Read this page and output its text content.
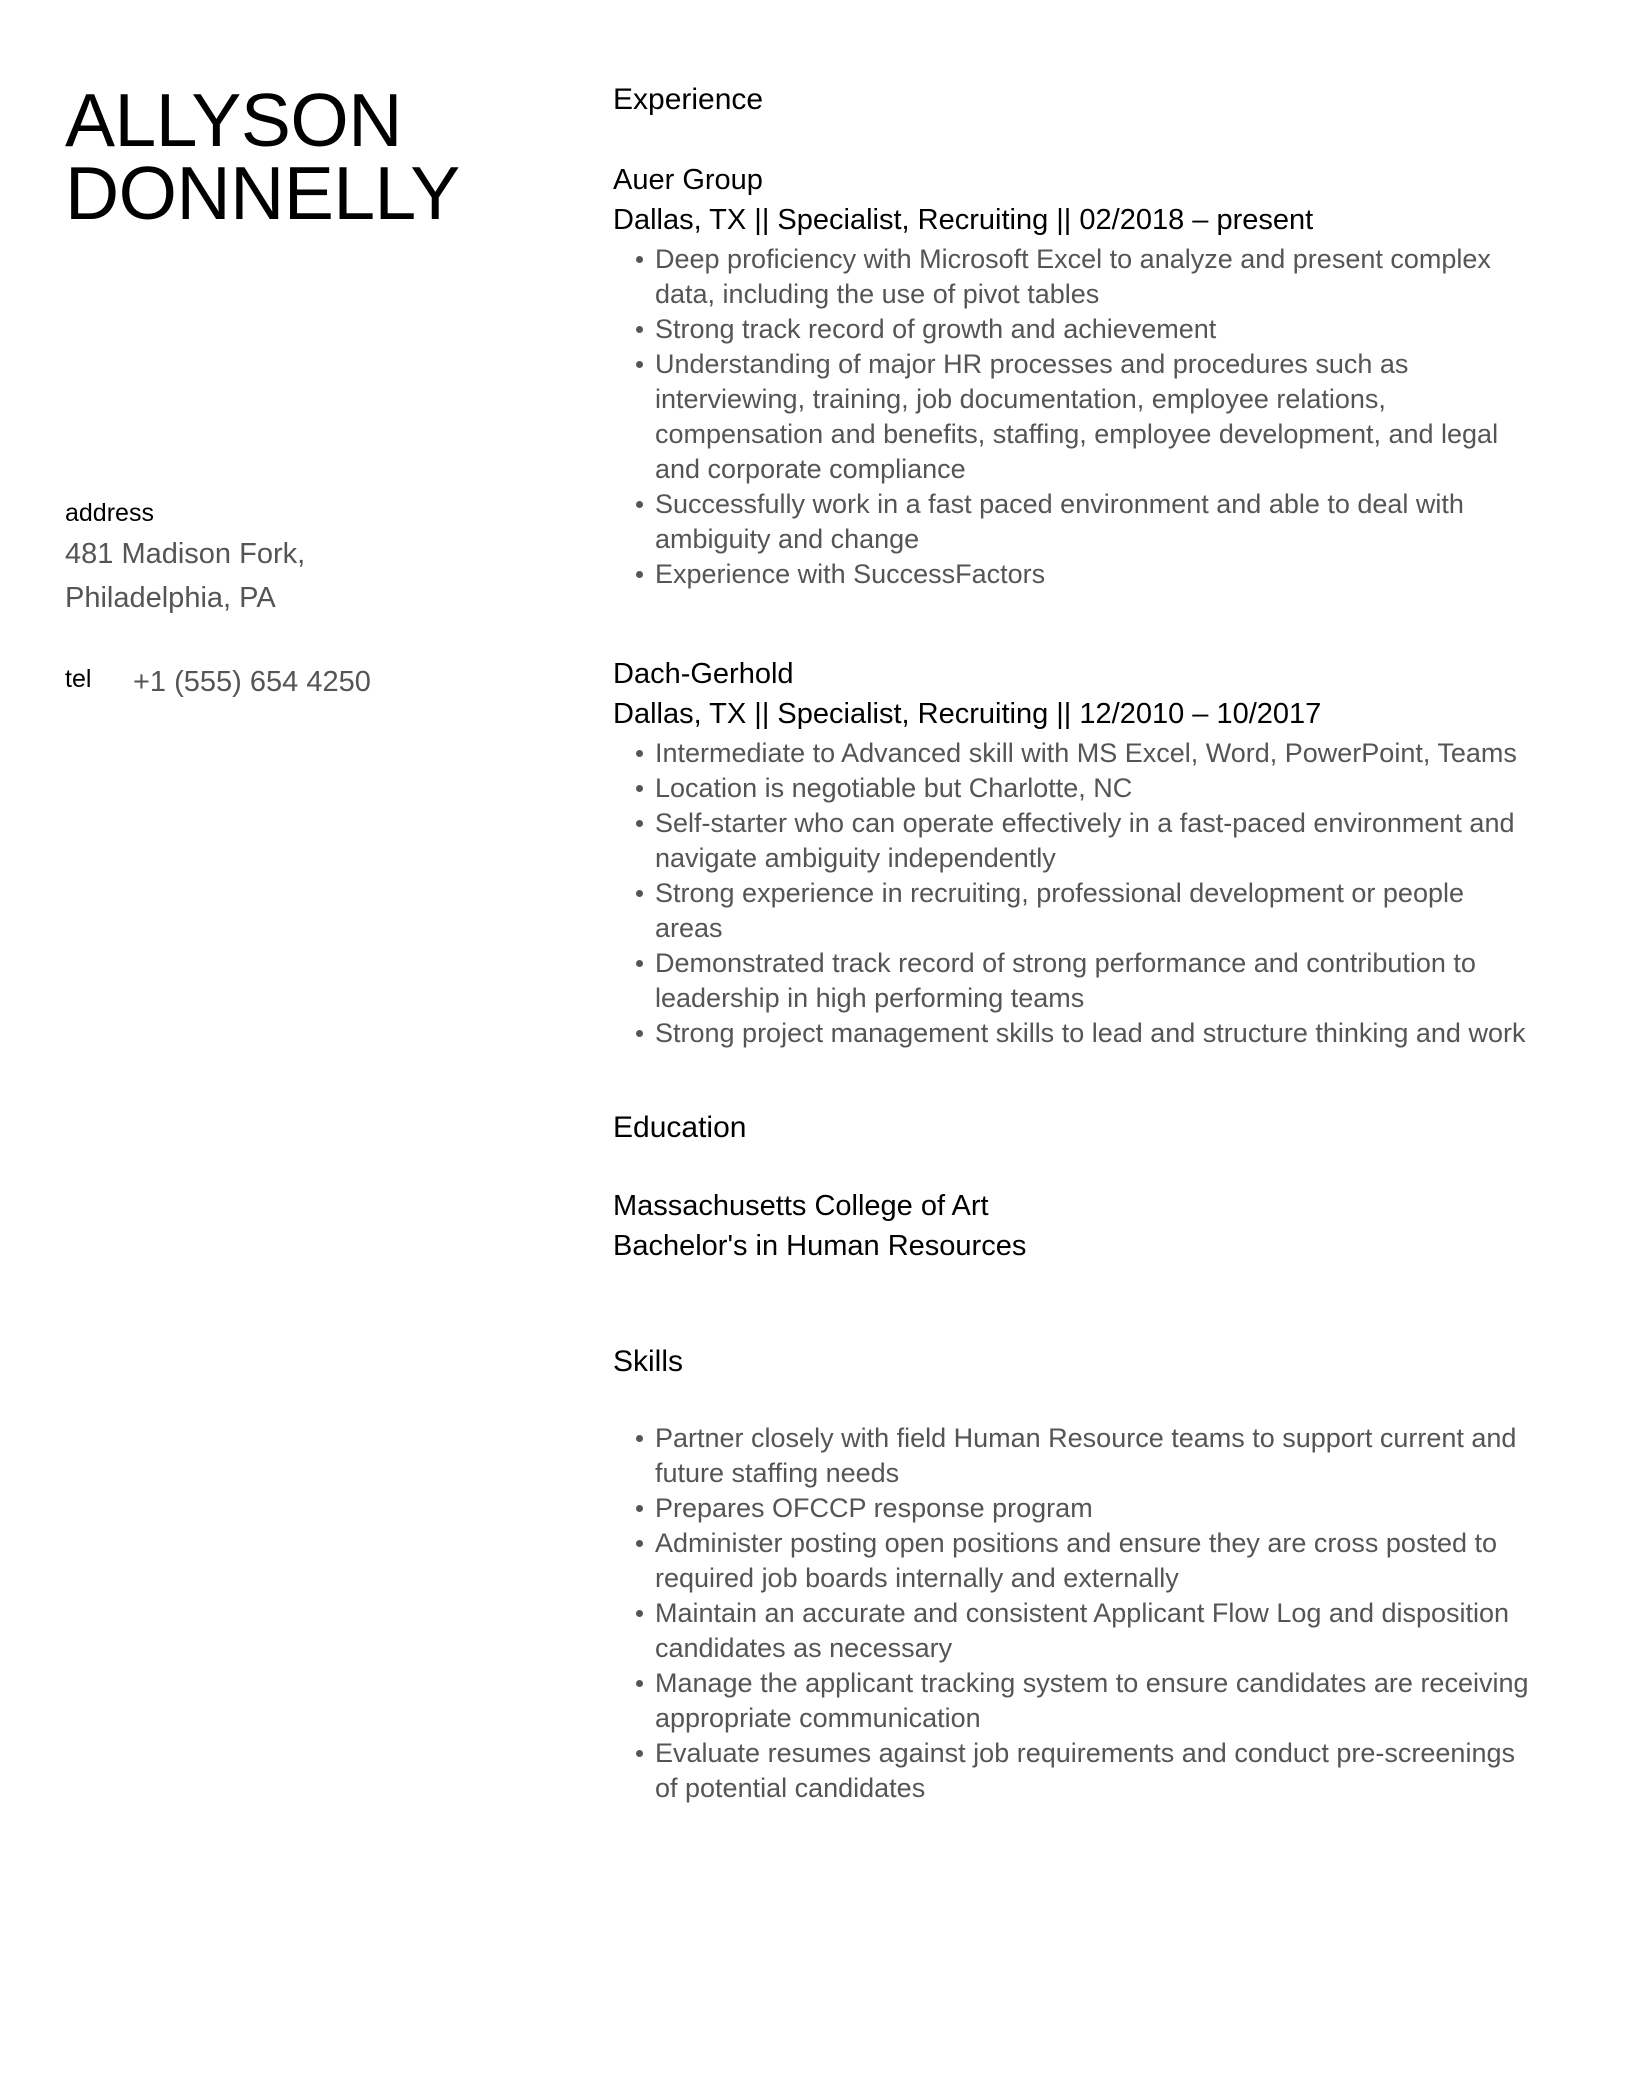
ALLYSON
DONNELLY
address
481 Madison Fork,
Philadelphia, PA
tel +1 (555) 654 4250
Experience

Auer Group

Dallas, TX || Specialist, Recruiting || 02/2018 – present

Deep proficiency with Microsoft Excel to analyze and present complex data, including the use of pivot tables
Strong track record of growth and achievement
Understanding of major HR processes and procedures such as interviewing, training, job documentation, employee relations, compensation and benefits, staffing, employee development, and legal and corporate compliance
Successfully work in a fast paced environment and able to deal with ambiguity and change
Experience with SuccessFactors

Dach-Gerhold

Dallas, TX || Specialist, Recruiting || 12/2010 – 10/2017

Intermediate to Advanced skill with MS Excel, Word, PowerPoint, Teams
Location is negotiable but Charlotte, NC
Self-starter who can operate effectively in a fast-paced environment and navigate ambiguity independently
Strong experience in recruiting, professional development or people areas
Demonstrated track record of strong performance and contribution to leadership in high performing teams
Strong project management skills to lead and structure thinking and work
Education

Massachusetts College of Art

Bachelor's in Human Resources

Skills
Partner closely with field Human Resource teams to support current and future staffing needs
Prepares OFCCP response program
Administer posting open positions and ensure they are cross posted to required job boards internally and externally
Maintain an accurate and consistent Applicant Flow Log and disposition candidates as necessary
Manage the applicant tracking system to ensure candidates are receiving appropriate communication
Evaluate resumes against job requirements and conduct pre-screenings of potential candidates
